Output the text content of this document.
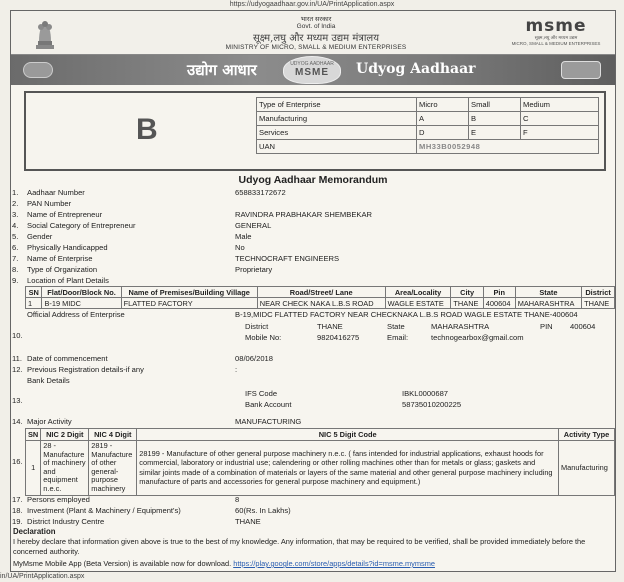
https://udyogaadhaar.gov.in/UA/PrintApplication.aspx
भारत सरकार
Govt. of India
सूक्ष्म,लघु और मध्यम उद्यम मंत्रालय
MINISTRY OF MICRO, SMALL & MEDIUM ENTERPRISES
msme
सूक्ष्म,लघु और मध्यम उद्यम
MICRO, SMALL & MEDIUM ENTERPRISES
उद्योग आधार	UDYOG AADHAAR
MSME	Udyog Aadhaar
B
Type of Enterprise	Micro	Small	Medium
Manufacturing	A	B	C
Services	D	E	F
UAN	MH33B0052948		
Udyog Aadhaar Memorandum
1. Aadhaar Number	658833172672
2. PAN Number
3. Name of Entrepreneur	RAVINDRA PRABHAKAR SHEMBEKAR
4. Social Category of Entrepreneur	GENERAL
5. Gender	Male
6. Physically Handicapped	No
7. Name of Enterprise	TECHNOCRAFT ENGINEERS
8. Type of Organization	Proprietary
9. Location of Plant Details
SN	Flat/Door/Block No.	Name of Premises/Building Village	Road/Street/ Lane	Area/Locality	City	Pin	State	District
1	B-19 MIDC	FLATTED FACTORY	NEAR CHECK NAKA L.B.S ROAD	WAGLE ESTATE	THANE	400604	MAHARASHTRA	THANE
Official Address of Enterprise
10.
B-19,MIDC FLATTED FACTORY NEAR CHECKNAKA L.B.S ROAD WAGLE ESTATE THANE-400604
District	THANE	State	MAHARASHTRA	PIN 400604
Mobile No:	9820416275	Email:	technogearbox@gmail.com
11. Date of commencement	08/06/2018
12. Previous Registration details-if any	:
Bank Details
13.
IFS Code	IBKL0000687
Bank Account	58735010200225
14. Major Activity	MANUFACTURING
16.
SN	NIC 2 Digit	NIC 4 Digit	NIC 5 Digit Code	Activity Type
1	28 - Manufacture of machinery and equipment n.e.c.	2819 - Manufacture of other general-purpose machinery	28199 - Manufacture of other general purpose machinery n.e.c. ( fans intended for industrial applications, exhaust hoods for commercial, laboratory or industrial use; calendering or other rolling machines other than for metals or glass; gaskets and similar joints made of a combination of materials or layers of the same material and other general purpose machinery including manufacture of parts and accessories for general purpose machinery and equipment.)	Manufacturing
17. Persons employed	8
18. Investment (Plant & Machinery / Equipment's)	60(Rs. In Lakhs)
19. District Industry Centre	THANE
Declaration
I hereby declare that information given above is true to the best of my knowledge. Any information, that may be required to be verified, shall be provided immediately before the concerned authority.
MyMsme Mobile App (Beta Version) is available now for download. https://play.google.com/store/apps/details?id=msme.mymsme
in/UA/PrintApplication.aspx
